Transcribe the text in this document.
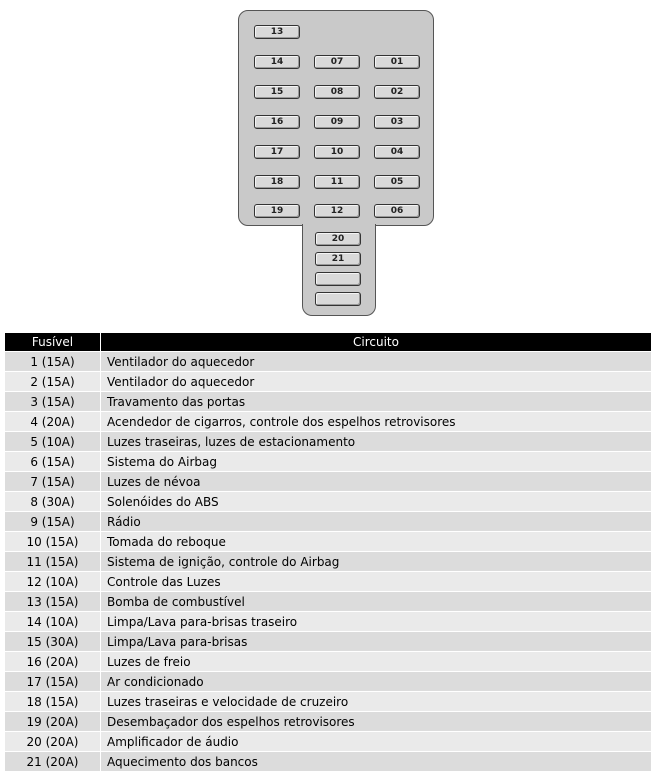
13
14	07	01
15	08	02
16	09	03
17	10	04
18	11	05
19	12	06
20
21
Fusível	Circuito
1 (15A)	Ventilador do aquecedor
2 (15A)	Ventilador do aquecedor
3 (15A)	Travamento das portas
4 (20A)	Acendedor de cigarros, controle dos espelhos retrovisores
5 (10A)	Luzes traseiras, luzes de estacionamento
6 (15A)	Sistema do Airbag
7 (15A)	Luzes de névoa
8 (30A)	Solenóides do ABS
9 (15A)	Rádio
10 (15A)	Tomada do reboque
11 (15A)	Sistema de ignição, controle do Airbag
12 (10A)	Controle das Luzes
13 (15A)	Bomba de combustível
14 (10A)	Limpa/Lava para-brisas traseiro
15 (30A)	Limpa/Lava para-brisas
16 (20A)	Luzes de freio
17 (15A)	Ar condicionado
18 (15A)	Luzes traseiras e velocidade de cruzeiro
19 (20A)	Desembaçador dos espelhos retrovisores
20 (20A)	Amplificador de áudio
21 (20A)	Aquecimento dos bancos
